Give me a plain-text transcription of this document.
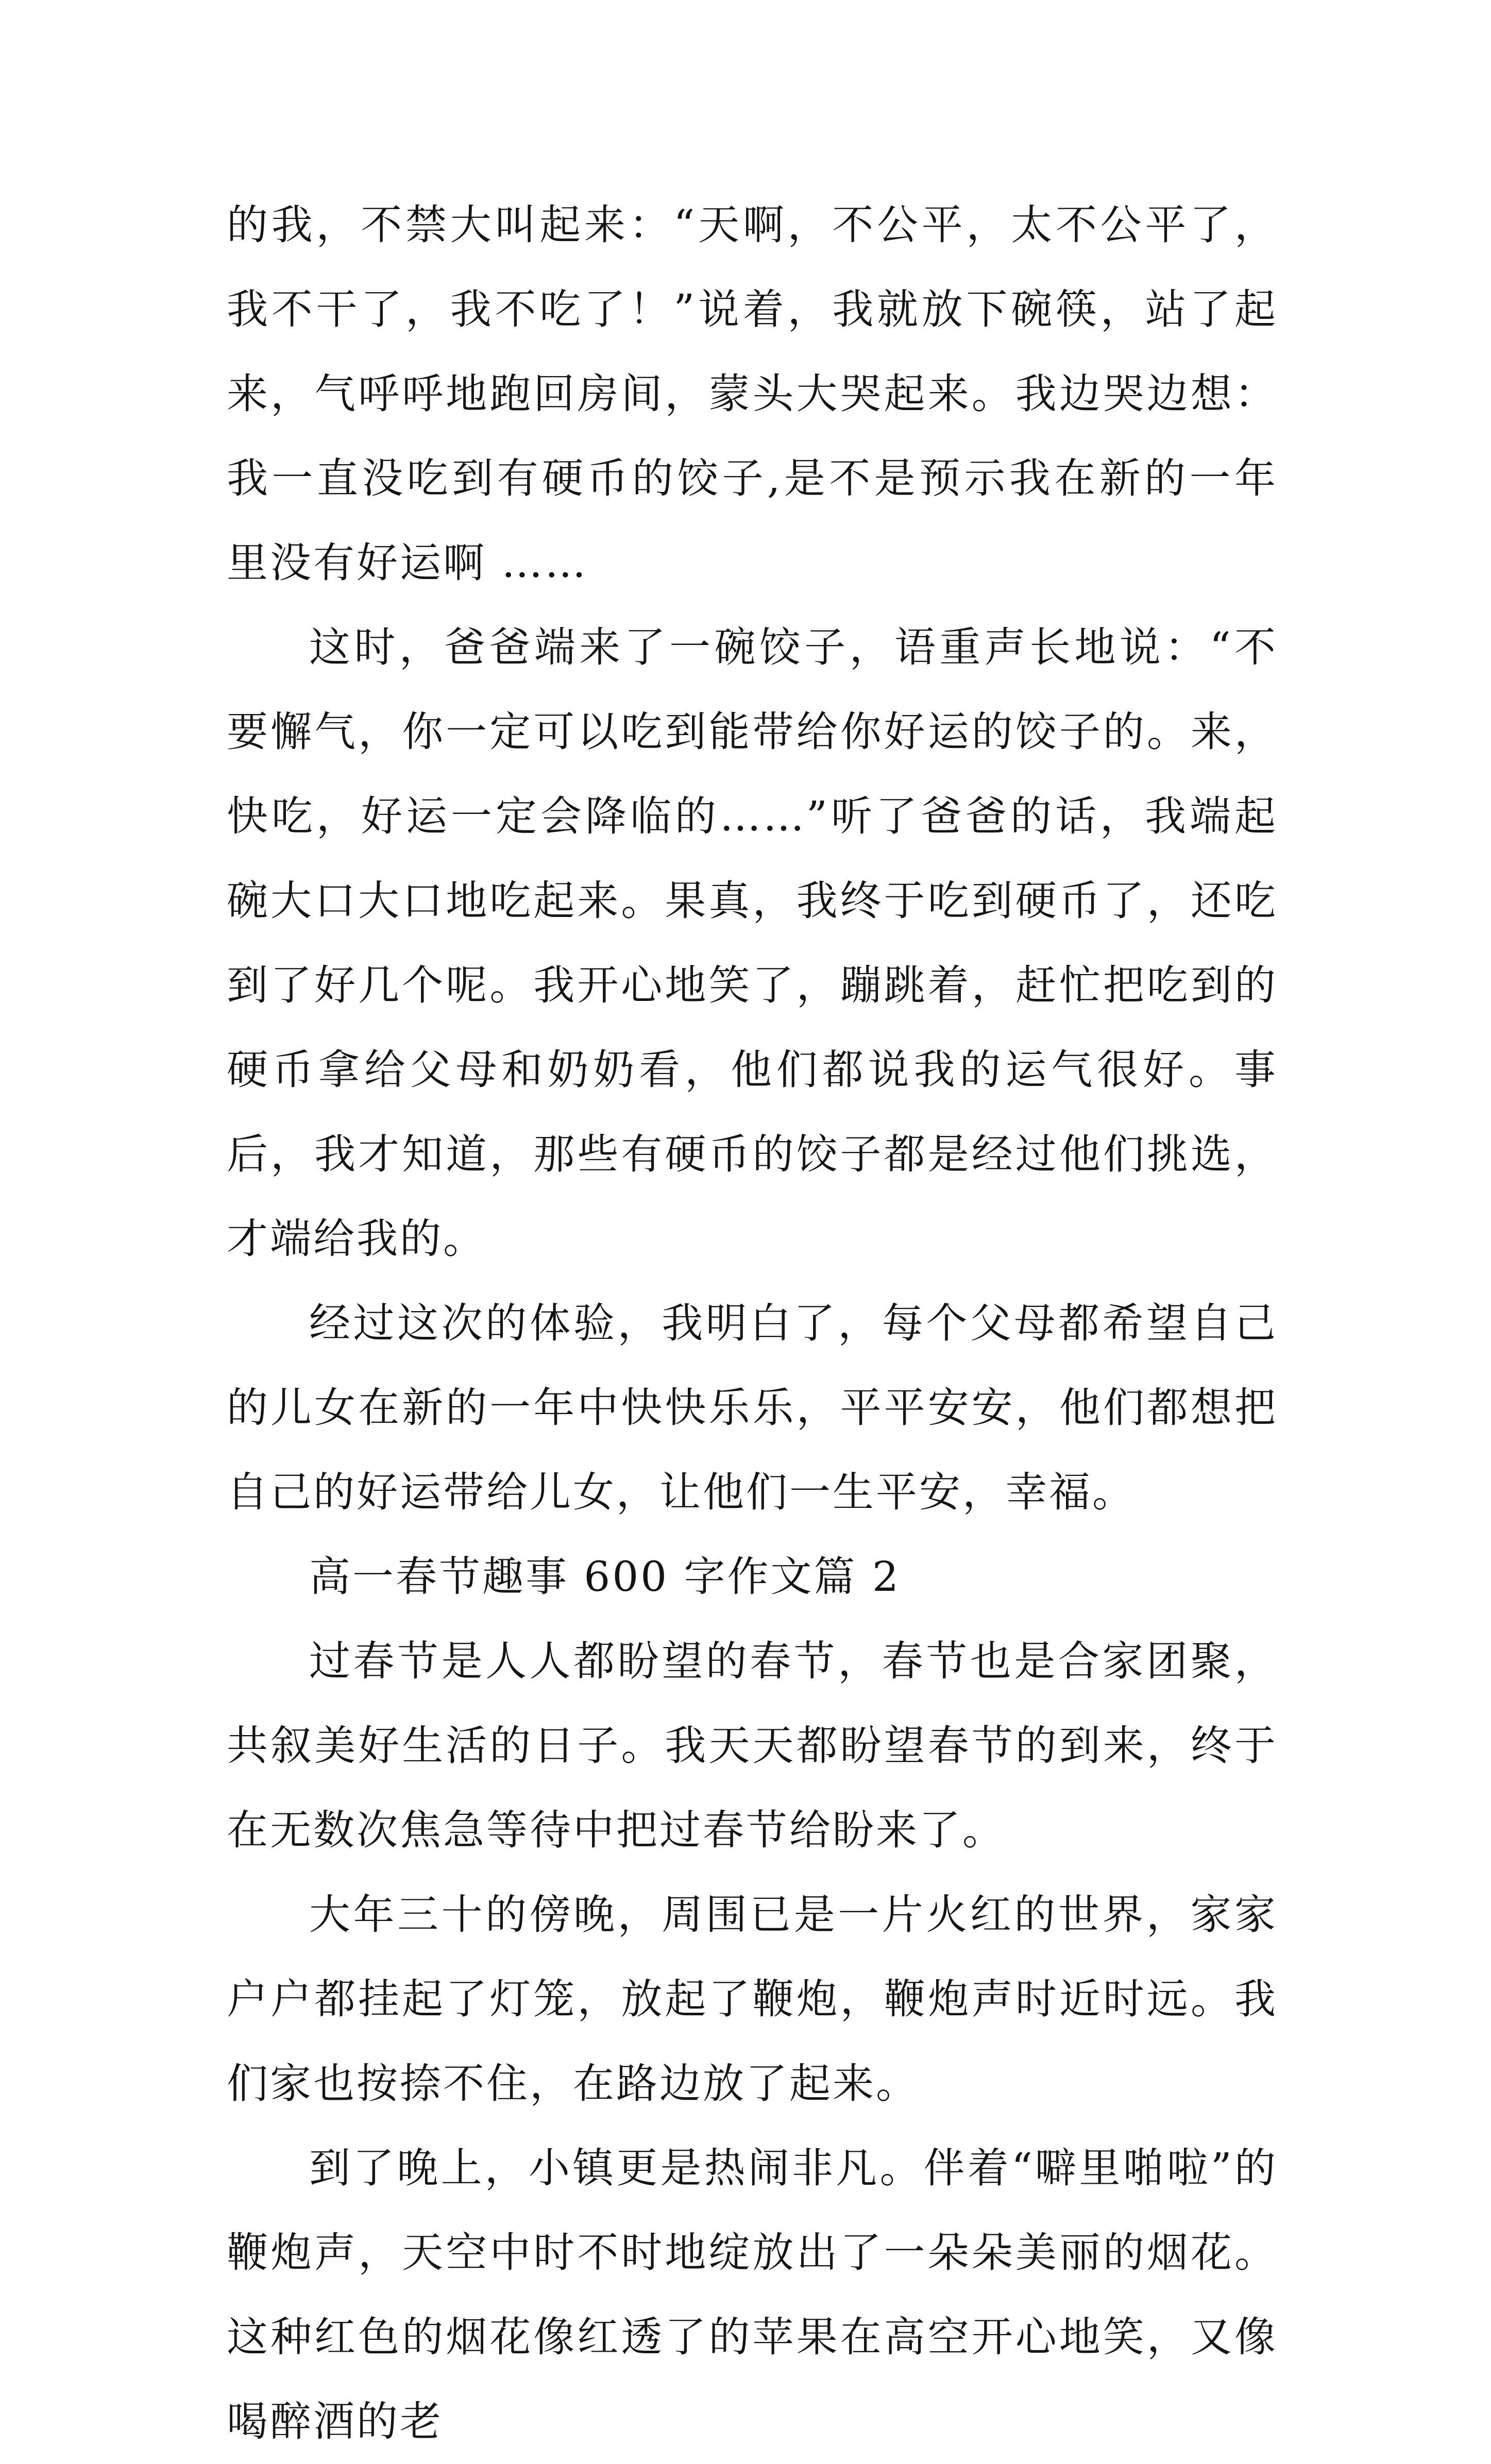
的我，不禁大叫起来：“天啊，不公平，太不公平了，我不干了，我不吃了！”说着，我就放下碗筷，站了起来，气呼呼地跑回房间，蒙头大哭起来。我边哭边想：我一直没吃到有硬币的饺子,是不是预示我在新的一年里没有好运啊 ……

这时，爸爸端来了一碗饺子，语重声长地说：“不要懈气，你一定可以吃到能带给你好运的饺子的。来，快吃，好运一定会降临的……”听了爸爸的话，我端起碗大口大口地吃起来。果真，我终于吃到硬币了，还吃到了好几个呢。我开心地笑了，蹦跳着，赶忙把吃到的硬币拿给父母和奶奶看，他们都说我的运气很好。事后，我才知道，那些有硬币的饺子都是经过他们挑选，才端给我的。

经过这次的体验，我明白了，每个父母都希望自己的儿女在新的一年中快快乐乐，平平安安，他们都想把自己的好运带给儿女，让他们一生平安，幸福。

高一春节趣事 600 字作文篇 2

过春节是人人都盼望的春节，春节也是合家团聚，共叙美好生活的日子。我天天都盼望春节的到来，终于在无数次焦急等待中把过春节给盼来了。

大年三十的傍晚，周围已是一片火红的世界，家家户户都挂起了灯笼，放起了鞭炮，鞭炮声时近时远。我们家也按捺不住，在路边放了起来。

到了晚上，小镇更是热闹非凡。伴着“噼里啪啦”的鞭炮声，天空中时不时地绽放出了一朵朵美丽的烟花。这种红色的烟花像红透了的苹果在高空开心地笑，又像喝醉酒的老
